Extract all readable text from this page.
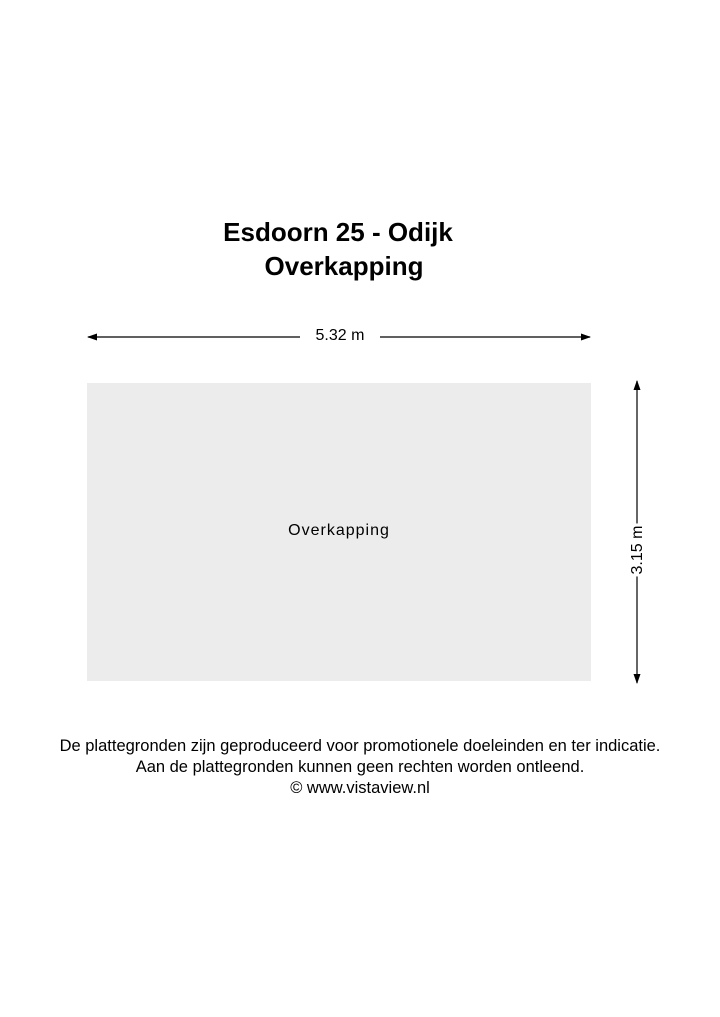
Esdoorn 25 - Odijk
Overkapping
5.32 m
3.15 m
Overkapping
De plattegronden zijn geproduceerd voor promotionele doeleinden en ter indicatie.
Aan de plattegronden kunnen geen rechten worden ontleend.
© www.vistaview.nl
